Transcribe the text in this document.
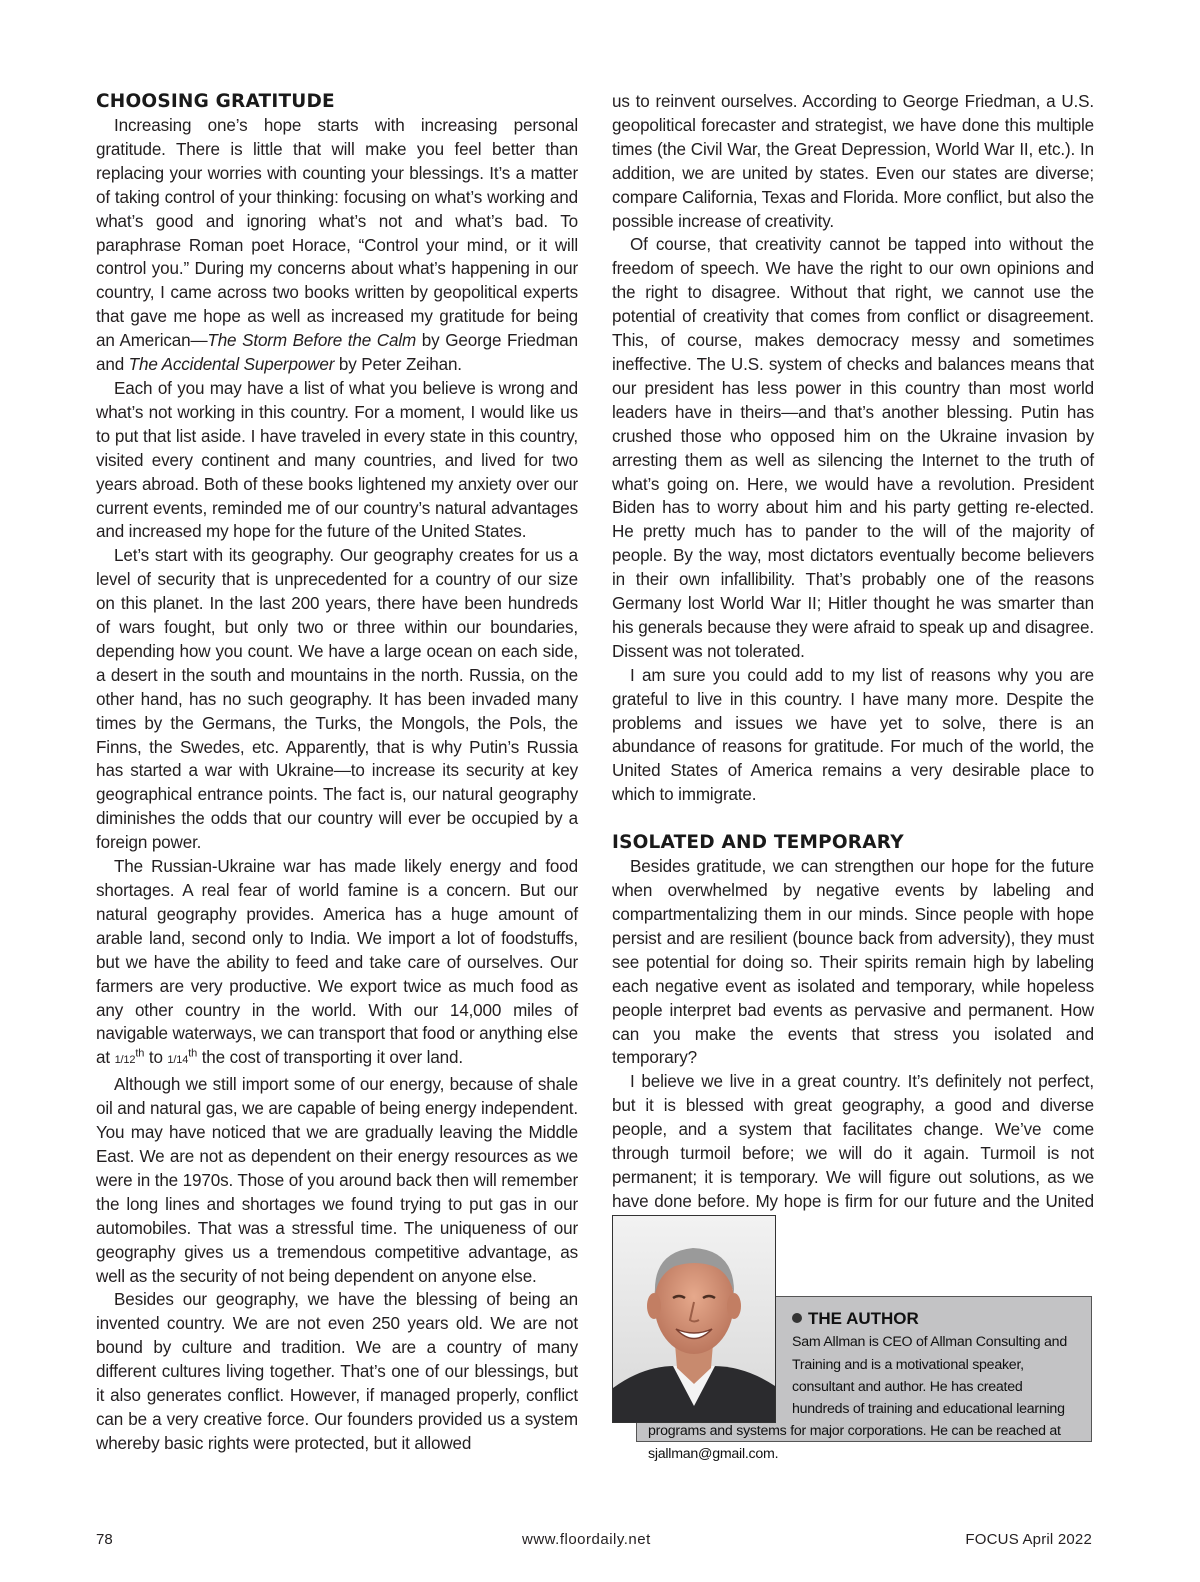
CHOOSING GRATITUDE

Increasing one’s hope starts with increasing personal gratitude. There is little that will make you feel better than replacing your worries with counting your blessings. It’s a matter of taking control of your thinking: focusing on what’s working and what’s good and ignoring what’s not and what’s bad. To paraphrase Roman poet Horace, “Control your mind, or it will control you.” During my concerns about what’s happening in our country, I came across two books written by geopolitical experts that gave me hope as well as increased my gratitude for being an American—The Storm Before the Calm by George Friedman and The Accidental Superpower by Peter Zeihan.

Each of you may have a list of what you believe is wrong and what’s not working in this country. For a moment, I would like us to put that list aside. I have traveled in every state in this country, visited every continent and many countries, and lived for two years abroad. Both of these books lightened my anxiety over our current events, reminded me of our country’s natural advantages and increased my hope for the future of the United States.

Let’s start with its geography. Our geography creates for us a level of security that is unprecedented for a country of our size on this planet. In the last 200 years, there have been hundreds of wars fought, but only two or three within our boundaries, depending how you count. We have a large ocean on each side, a desert in the south and mountains in the north. Russia, on the other hand, has no such geography. It has been invaded many times by the Germans, the Turks, the Mongols, the Pols, the Finns, the Swedes, etc. Apparently, that is why Putin’s Russia has started a war with Ukraine—to increase its security at key geographical entrance points. The fact is, our natural geography diminishes the odds that our country will ever be occupied by a foreign power.

The Russian-Ukraine war has made likely energy and food shortages. A real fear of world famine is a concern. But our natural geography provides. America has a huge amount of arable land, second only to India. We import a lot of foodstuffs, but we have the ability to feed and take care of ourselves. Our farmers are very productive. We export twice as much food as any other country in the world. With our 14,000 miles of navigable waterways, we can transport that food or anything else at 1/12th to 1/14th the cost of transporting it over land.

Although we still import some of our energy, because of shale oil and natural gas, we are capable of being energy independent. You may have noticed that we are gradually leaving the Middle East. We are not as dependent on their energy resources as we were in the 1970s. Those of you around back then will remember the long lines and shortages we found trying to put gas in our automobiles. That was a stressful time. The uniqueness of our geography gives us a tremendous competitive advantage, as well as the security of not being dependent on anyone else.

Besides our geography, we have the blessing of being an invented country. We are not even 250 years old. We are not bound by culture and tradition. We are a country of many different cultures living together. That’s one of our blessings, but it also generates conflict. However, if managed properly, conflict can be a very creative force. Our founders provided us a system whereby basic rights were protected, but it allowed

us to reinvent ourselves. According to George Friedman, a U.S. geopolitical forecaster and strategist, we have done this multiple times (the Civil War, the Great Depression, World War II, etc.). In addition, we are united by states. Even our states are diverse; compare California, Texas and Florida. More conflict, but also the possible increase of creativity.

Of course, that creativity cannot be tapped into without the freedom of speech. We have the right to our own opinions and the right to disagree. Without that right, we cannot use the potential of creativity that comes from conflict or disagreement. This, of course, makes democracy messy and sometimes ineffective. The U.S. system of checks and balances means that our president has less power in this country than most world leaders have in theirs—and that’s another blessing. Putin has crushed those who opposed him on the Ukraine invasion by arresting them as well as silencing the Internet to the truth of what’s going on. Here, we would have a revolution. President Biden has to worry about him and his party getting re-elected. He pretty much has to pander to the will of the majority of people. By the way, most dictators eventually become believers in their own infallibility. That’s probably one of the reasons Germany lost World War II; Hitler thought he was smarter than his generals because they were afraid to speak up and disagree. Dissent was not tolerated.

I am sure you could add to my list of reasons why you are grateful to live in this country. I have many more. Despite the problems and issues we have yet to solve, there is an abundance of reasons for gratitude. For much of the world, the United States of America remains a very desirable place to which to immigrate.

ISOLATED AND TEMPORARY

Besides gratitude, we can strengthen our hope for the future when overwhelmed by negative events by labeling and compartmentalizing them in our minds. Since people with hope persist and are resilient (bounce back from adversity), they must see potential for doing so. Their spirits remain high by labeling each negative event as isolated and temporary, while hopeless people interpret bad events as pervasive and permanent. How can you make the events that stress you isolated and temporary?

I believe we live in a great country. It’s definitely not perfect, but it is blessed with great geography, a good and diverse people, and a system that facilitates change. We’ve come through turmoil before; we will do it again. Turmoil is not permanent; it is temporary. We will figure out solutions, as we have done before. My hope is firm for our future and the United

THE AUTHOR
Sam Allman is CEO of Allman Consulting and Training and is a motivational speaker, consultant and author. He has created hundreds of training and educational learning programs and systems for major corporations. He can be reached at sjallman@gmail.com.
78	www.floordaily.net	FOCUS April 2022
